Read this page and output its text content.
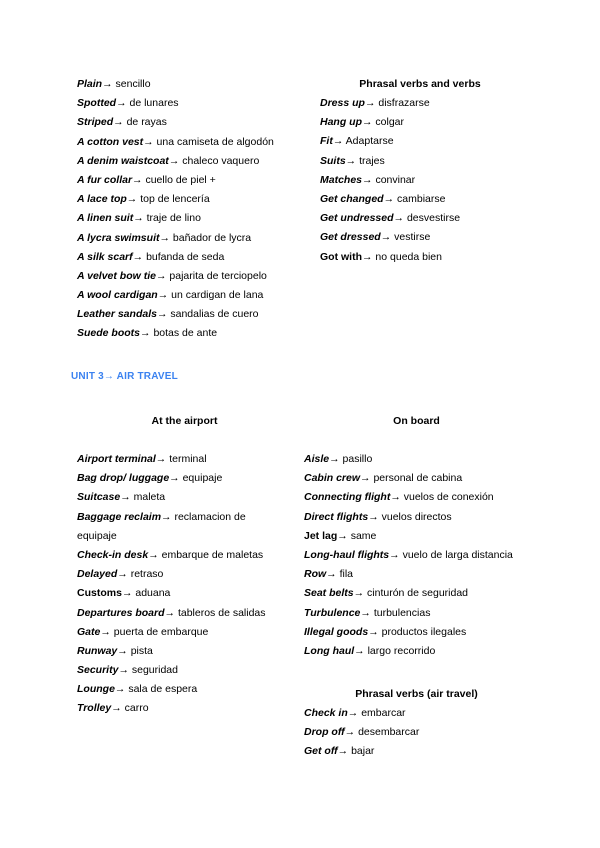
Plain→ sencillo
Spotted→ de lunares
Striped→ de rayas
A cotton vest→ una camiseta de algodón
A denim waistcoat→ chaleco vaquero
A fur collar→ cuello de piel +
A lace top→ top de lencería
A linen suit→ traje de lino
A lycra swimsuit→ bañador de lycra
A silk scarf→ bufanda de seda
A velvet bow tie→ pajarita de terciopelo
A wool cardigan→ un cardigan de lana
Leather sandals→ sandalias de cuero
Suede boots→ botas de ante
Phrasal verbs and verbs
Dress up→ disfrazarse
Hang up→ colgar
Fit→ Adaptarse
Suits→ trajes
Matches→ convinar
Get changed→ cambiarse
Get undressed→ desvestirse
Get dressed→ vestirse
Got with→ no queda bien
UNIT 3→ AIR TRAVEL
At the airport
Airport terminal→ terminal
Bag drop/ luggage→ equipaje
Suitcase→ maleta
Baggage reclaim→ reclamacion de equipaje
Check-in desk→ embarque de maletas
Delayed→ retraso
Customs→ aduana
Departures board→ tableros de salidas
Gate→ puerta de embarque
Runway→ pista
Security→ seguridad
Lounge→ sala de espera
Trolley→ carro
On board
Aisle→ pasillo
Cabin crew→ personal de cabina
Connecting flight→ vuelos de conexión
Direct flights→ vuelos directos
Jet lag→ same
Long-haul flights→ vuelo de larga distancia
Row→ fila
Seat belts→ cinturón de seguridad
Turbulence→ turbulencias
Illegal goods→ productos ilegales
Long haul→ largo recorrido
Phrasal verbs (air travel)
Check in→ embarcar
Drop off→ desembarcar
Get off→ bajar
